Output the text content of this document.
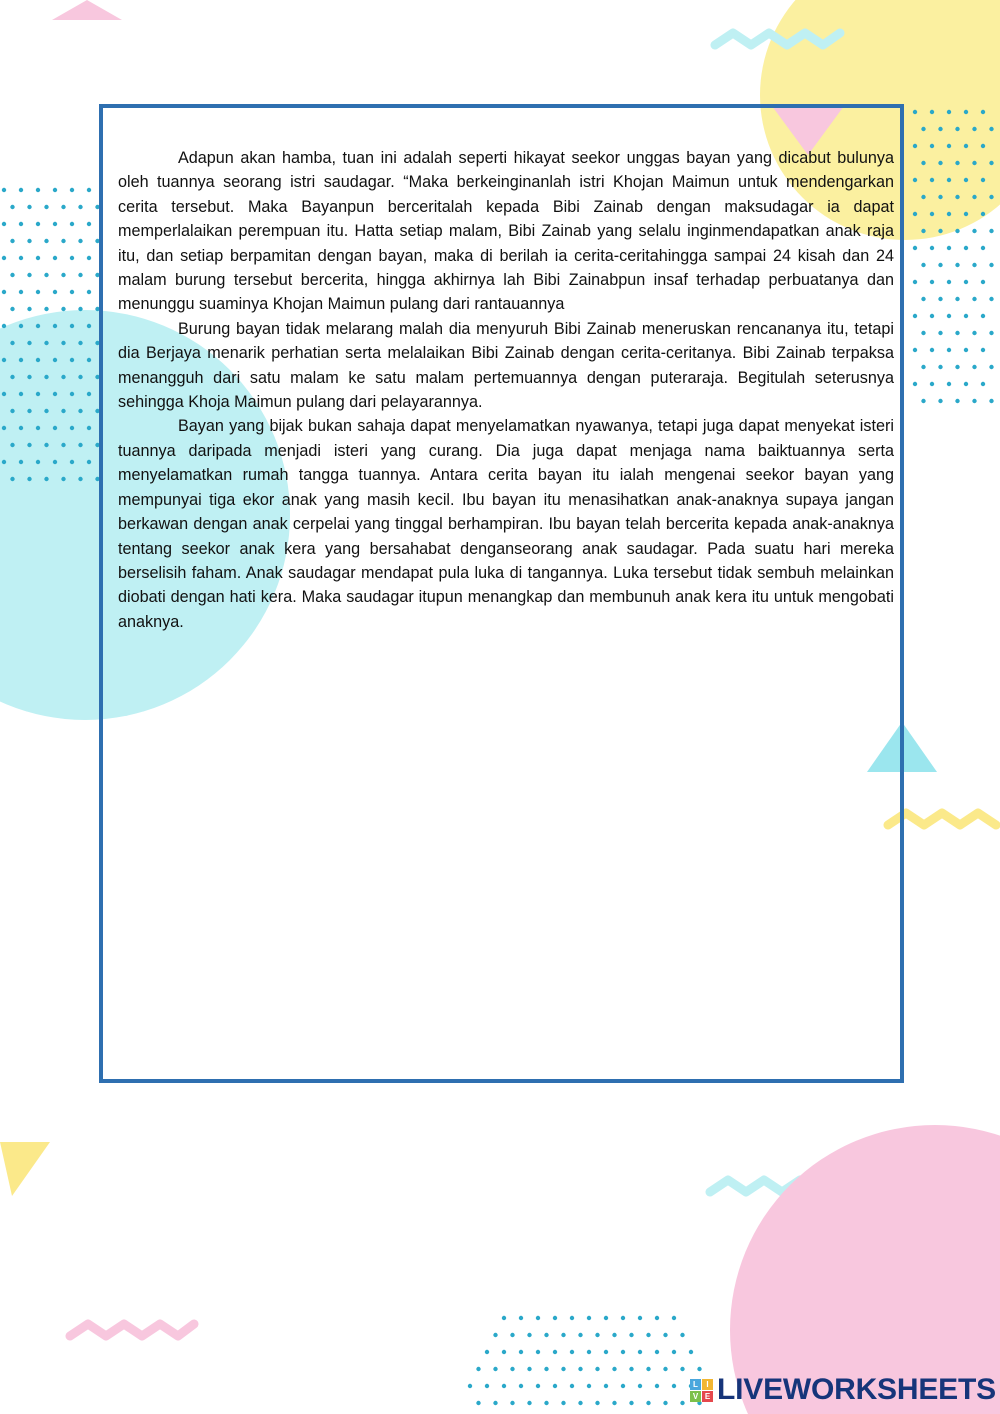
Adapun akan hamba, tuan ini adalah seperti hikayat seekor unggas bayan yang dicabut bulunya oleh tuannya seorang istri saudagar. “Maka berkeinginanlah istri Khojan Maimun untuk mendengarkan cerita tersebut. Maka Bayanpun berceritalah kepada Bibi Zainab dengan maksudagar ia dapat memperlalaikan perempuan itu. Hatta setiap malam, Bibi Zainab yang selalu inginmendapatkan anak raja itu, dan setiap berpamitan dengan bayan, maka di berilah ia cerita-ceritahingga sampai 24 kisah dan 24 malam burung tersebut bercerita, hingga akhirnya lah Bibi Zainabpun insaf terhadap perbuatanya dan menunggu suaminya Khojan Maimun pulang dari rantauannya

Burung bayan tidak melarang malah dia menyuruh Bibi Zainab meneruskan rencananya itu, tetapi dia Berjaya menarik perhatian serta melalaikan Bibi Zainab dengan cerita-ceritanya. Bibi Zainab terpaksa menangguh dari satu malam ke satu malam pertemuannya dengan puteraraja. Begitulah seterusnya sehingga Khoja Maimun pulang dari pelayarannya.

Bayan yang bijak bukan sahaja dapat menyelamatkan nyawanya, tetapi juga dapat menyekat isteri tuannya daripada menjadi isteri yang curang. Dia juga dapat menjaga nama baiktuannya serta menyelamatkan rumah tangga tuannya. Antara cerita bayan itu ialah mengenai seekor bayan yang mempunyai tiga ekor anak yang masih kecil. Ibu bayan itu menasihatkan anak-anaknya supaya jangan berkawan dengan anak cerpelai yang tinggal berhampiran. Ibu bayan telah bercerita kepada anak-anaknya tentang seekor anak kera yang bersahabat denganseorang anak saudagar. Pada suatu hari mereka berselisih faham. Anak saudagar mendapat pula luka di tangannya. Luka tersebut tidak sembuh melainkan diobati dengan hati kera. Maka saudagar itupun menangkap dan membunuh anak kera itu untuk mengobati anaknya.

L	I
V E LIVEWORKSHEETS
